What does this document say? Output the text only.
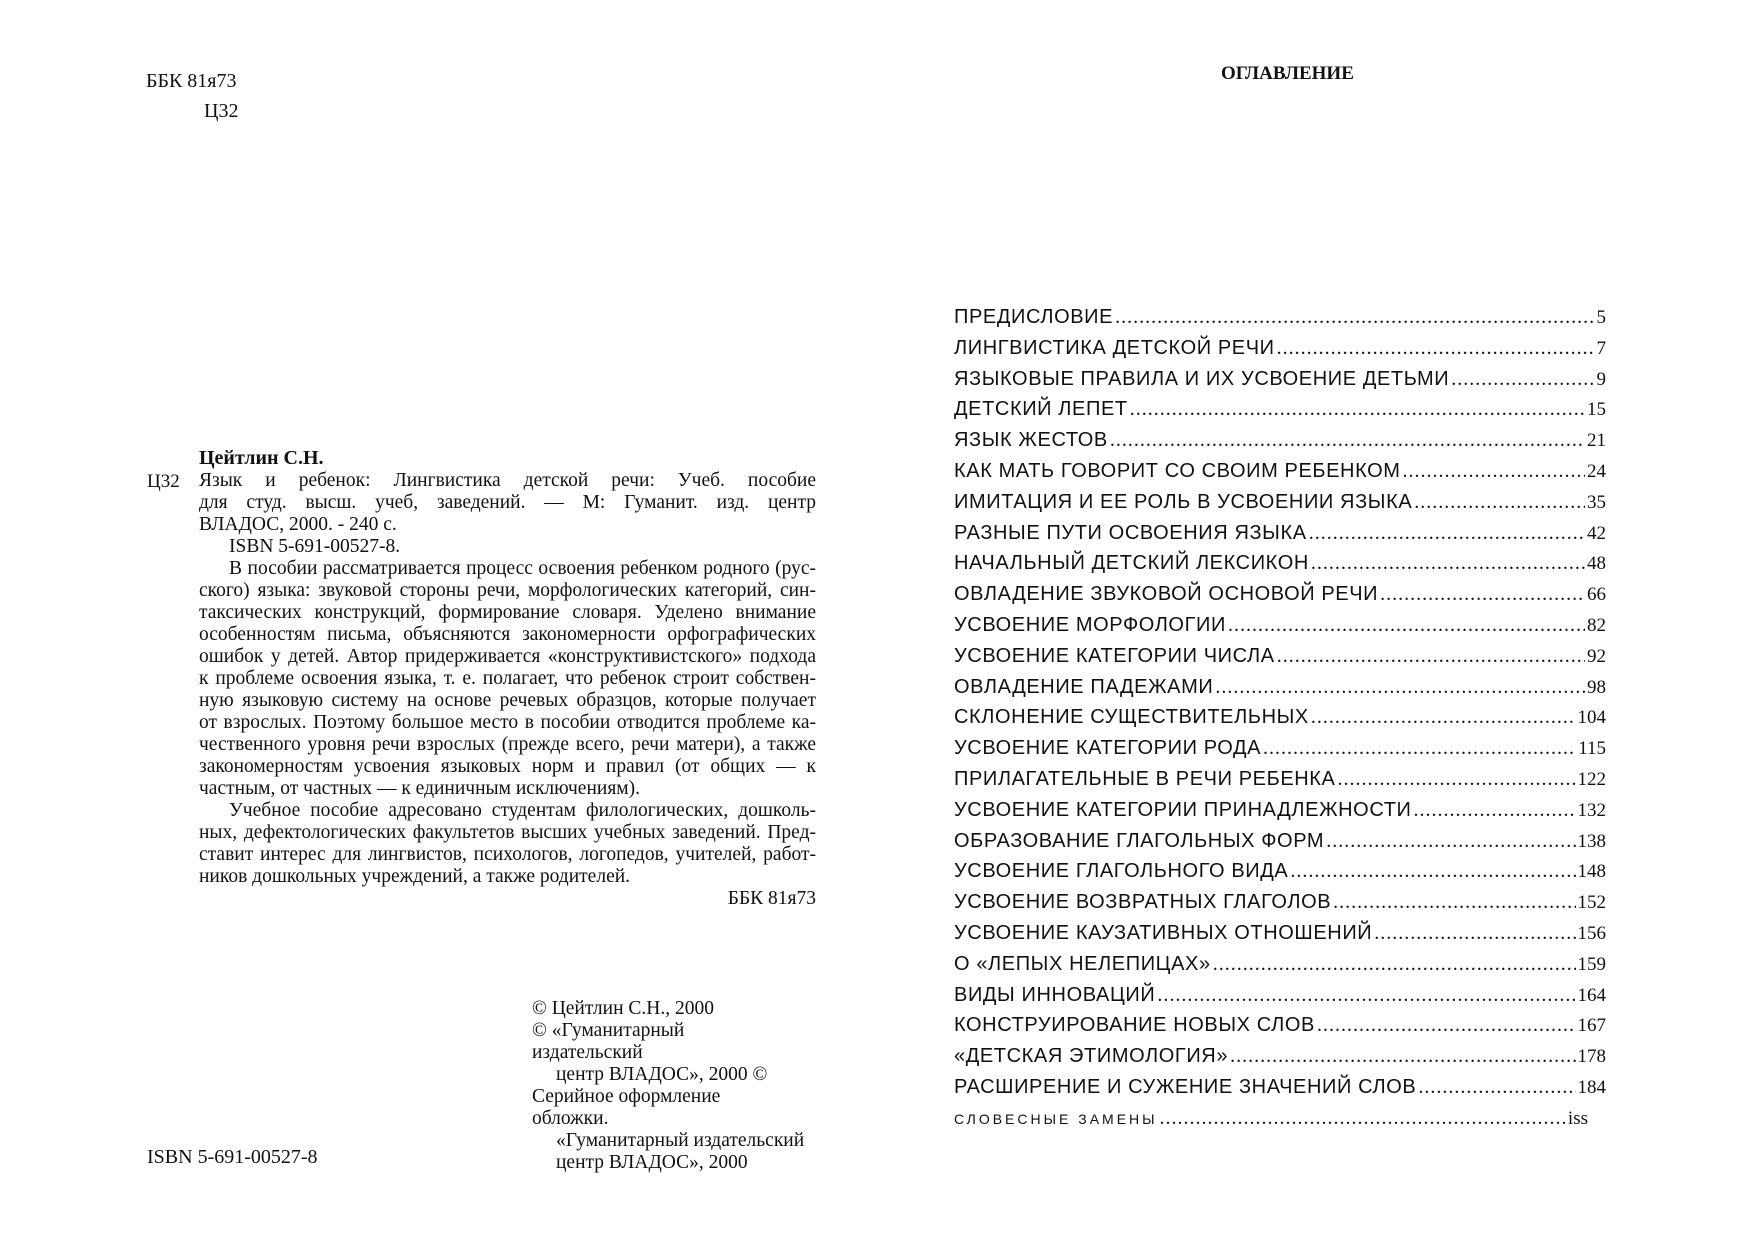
ББК 81я73
Ц32
Цейтлин С.Н.
Ц32 Язык и ребенок: Лингвистика детской речи: Учеб. пособие
для студ. высш. учеб, заведений. — М: Гуманит. изд. центр
ВЛАДОС, 2000. - 240 с.
ISBN 5-691-00527-8.
В пособии рассматривается процесс освоения ребенком родного (рус-
ского) языка: звуковой стороны речи, морфологических категорий, син-
таксических конструкций, формирование словаря. Уделено внимание
особенностям письма, объясняются закономерности орфографических
ошибок у детей. Автор придерживается «конструктивистского» подхода
к проблеме освоения языка, т. е. полагает, что ребенок строит собствен-
ную языковую систему на основе речевых образцов, которые получает
от взрослых. Поэтому большое место в пособии отводится проблеме ка-
чественного уровня речи взрослых (прежде всего, речи матери), а также
закономерностям усвоения языковых норм и правил (от общих — к
частным, от частных — к единичным исключениям).
Учебное пособие адресовано студентам филологических, дошколь-
ных, дефектологических факультетов высших учебных заведений. Пред-
ставит интерес для лингвистов, психологов, логопедов, учителей, работ-
ников дошкольных учреждений, а также родителей.
ББК 81я73
© Цейтлин С.Н., 2000
© «Гуманитарный
издательский
центр ВЛАДОС», 2000 ©
Серийное оформление
обложки.
«Гуманитарный издательский
центр ВЛАДОС», 2000
ISBN 5-691-00527-8
ОГЛАВЛЕНИЕ
ПРЕДИСЛОВИЕ .....	5
ЛИНГВИСТИКА ДЕТСКОЙ РЕЧИ .....	7
ЯЗЫКОВЫЕ ПРАВИЛА И ИХ УСВОЕНИЕ ДЕТЬМИ .....	9
ДЕТСКИЙ ЛЕПЕТ .....	15
ЯЗЫК ЖЕСТОВ .....	21
КАК МАТЬ ГОВОРИТ СО СВОИМ РЕБЕНКОМ .....	24
ИМИТАЦИЯ И ЕЕ РОЛЬ В УСВОЕНИИ ЯЗЫКА .....	35
РАЗНЫЕ ПУТИ ОСВОЕНИЯ ЯЗЫКА .....	42
НАЧАЛЬНЫЙ ДЕТСКИЙ ЛЕКСИКОН .....	48
ОВЛАДЕНИЕ ЗВУКОВОЙ ОСНОВОЙ РЕЧИ .....	66
УСВОЕНИЕ МОРФОЛОГИИ .....	82
УСВОЕНИЕ КАТЕГОРИИ ЧИСЛА .....	92
ОВЛАДЕНИЕ ПАДЕЖАМИ .....	98
СКЛОНЕНИЕ СУЩЕСТВИТЕЛЬНЫХ .....	104
УСВОЕНИЕ КАТЕГОРИИ РОДА .....	115
ПРИЛАГАТЕЛЬНЫЕ В РЕЧИ РЕБЕНКА .....	122
УСВОЕНИЕ КАТЕГОРИИ ПРИНАДЛЕЖНОСТИ .....	132
ОБРАЗОВАНИЕ ГЛАГОЛЬНЫХ ФОРМ .....	138
УСВОЕНИЕ ГЛАГОЛЬНОГО ВИДА .....	148
УСВОЕНИЕ ВОЗВРАТНЫХ ГЛАГОЛОВ .....	152
УСВОЕНИЕ КАУЗАТИВНЫХ ОТНОШЕНИЙ .....	156
О «ЛЕПЫХ НЕЛЕПИЦАХ» .....	159
ВИДЫ ИННОВАЦИЙ .....	164
КОНСТРУИРОВАНИЕ НОВЫХ СЛОВ .....	167
«ДЕТСКАЯ ЭТИМОЛОГИЯ» .....	178
РАСШИРЕНИЕ И СУЖЕНИЕ ЗНАЧЕНИЙ СЛОВ .....	184
СЛОВЕСНЫЕ ЗАМЕНЫ .....	iss
